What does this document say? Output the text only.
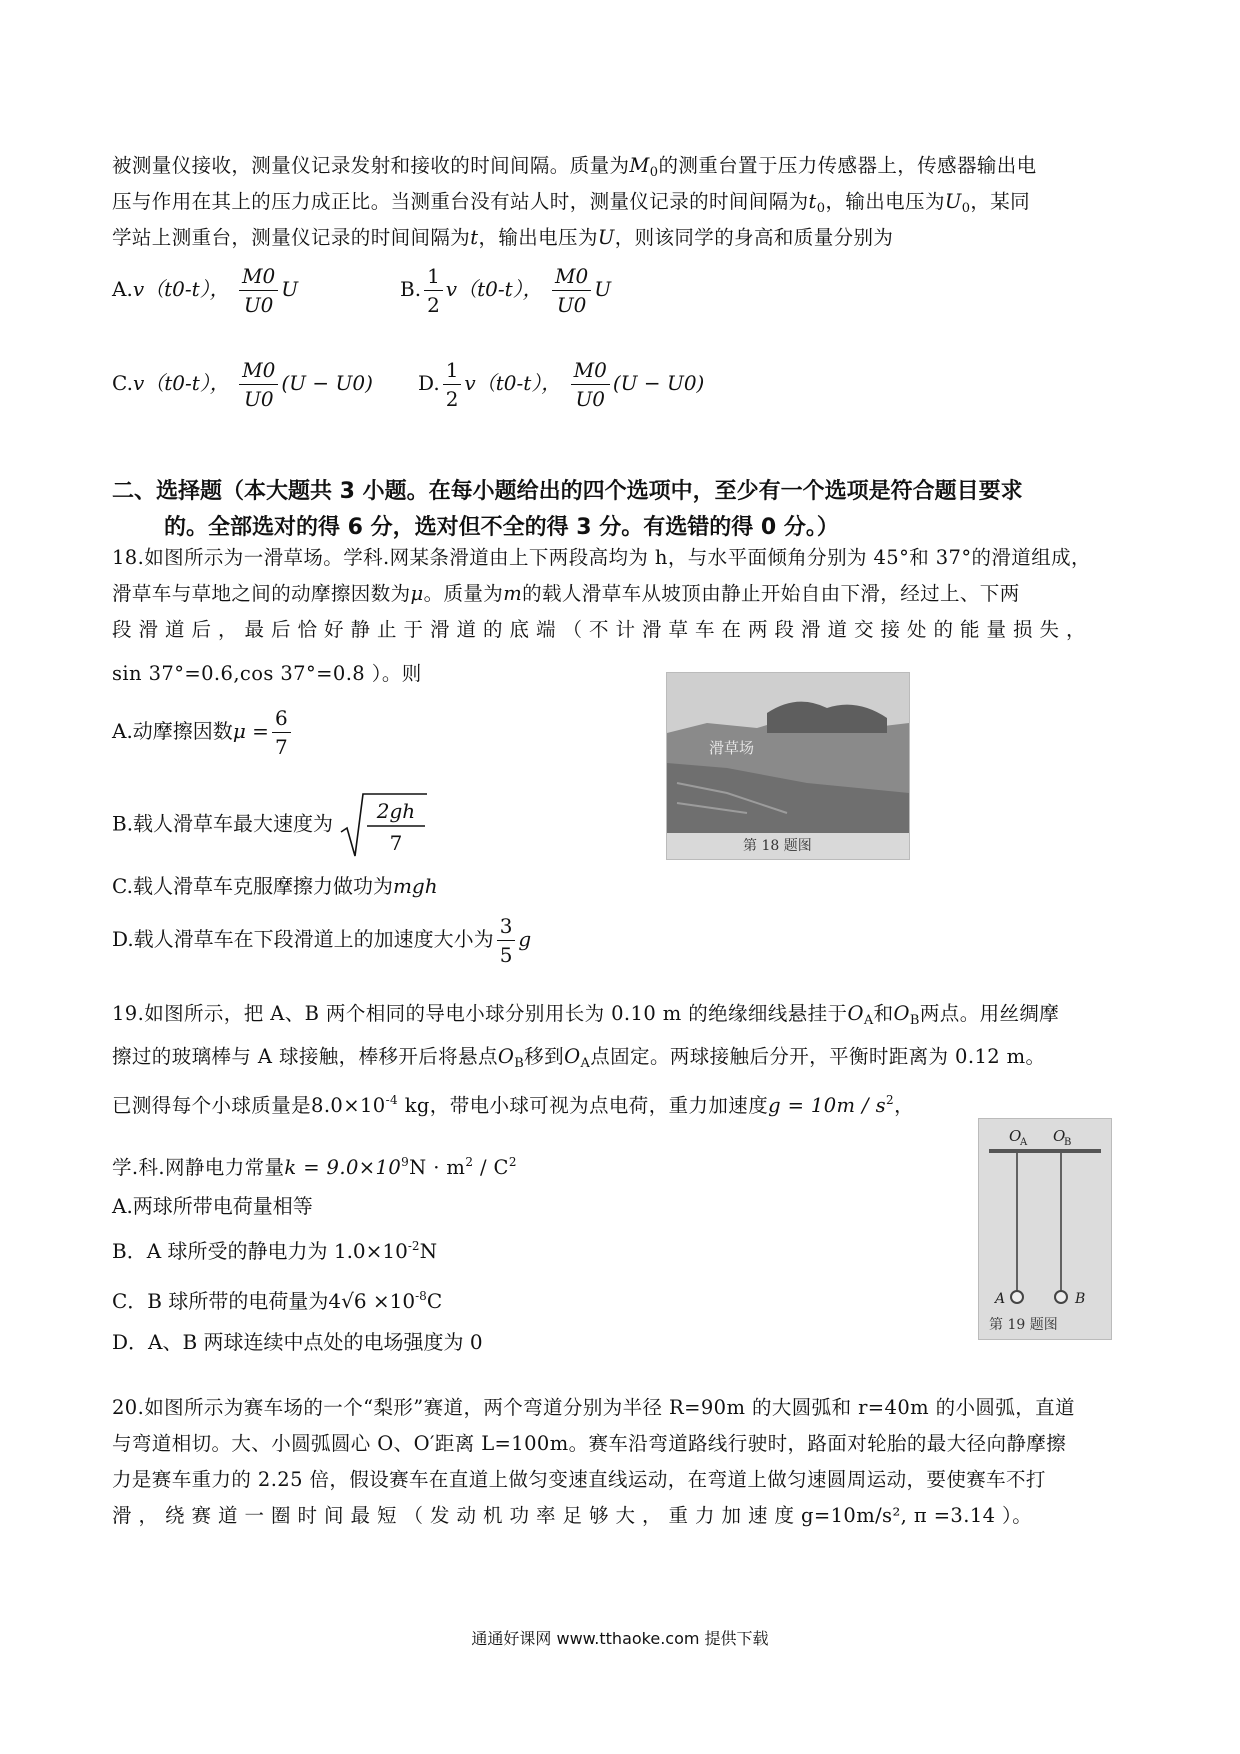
被测量仪接收，测量仪记录发射和接收的时间间隔。质量为$M_0$的测重台置于压力传感器上，传感器输出电
压与作用在其上的压力成正比。当测重台没有站人时，测量仪记录的时间间隔为$t_0$，输出电压为$U_0$，某同
学站上测重台，测量仪记录的时间间隔为t，输出电压为U，则该同学的身高和质量分别为
A.v（t0-t）， $\frac{M0}{U0}$ U	B. $\frac{1}{2} v(t0-t)$， $\frac{M0}{U0}$ U
C.v（t0-t）， $\frac{M0}{U0} (U - U0)$ D. $\frac{1}{2} v(t0-t)$， $\frac{M0}{U0} (U - U0)$
二、选择题（本大题共 3 小题。在每小题给出的四个选项中，至少有一个选项是符合题目要求
的。全部选对的得 6 分，选对但不全的得 3 分。有选错的得 0 分。）
18.如图所示为一滑草场。学科.网某条滑道由上下两段高均为 h，与水平面倾角分别为 45°和 37°的滑道组成，
滑草车与草地之间的动摩擦因数为μ。质量为m的载人滑草车从坡顶由静止开始自由下滑，经过上、下两
段 滑 道 后 ， 最 后 恰 好 静 止 于 滑 道 的 底 端 （ 不 计 滑 草 车 在 两 段 滑 道 交 接 处 的 能 量 损 失 ，
sin 37°=0.6,cos 37°=0.8 ）。则
A.动摩擦因数$\mu = \frac{6}{7}$
B.载人滑草车最大速度为
2gh
7
C.载人滑草车克服摩擦力做功为mgh
D.载人滑草车在下段滑道上的加速度大小为 $\frac{3}{5}$ g
滑草场
第 18 题图
19.如图所示，把 A、B 两个相同的导电小球分别用长为 0.10 m 的绝缘细线悬挂于$O_A$和$O_B$两点。用丝绸摩
擦过的玻璃棒与 A 球接触，棒移开后将悬点$O_B$移到$O_A$点固定。两球接触后分开，平衡时距离为 0.12 m。
已测得每个小球质量是$8.0\times 10^{-4}$ kg，带电小球可视为点电荷，重力加速度$g = 10m / s^2$，
学.科.网静电力常量$k = 9.0\times 10^9N \cdot m^2 / C^2$
A.两球所带电荷量相等
B．A 球所受的静电力为 $1.0\times 10^{-2}N$
C．B 球所带的电荷量为$4√6 \times 10^{-8}C$
D．A、B 两球连续中点处的电场强度为 0
O
A O
B
A	B
第 19 题图
20.如图所示为赛车场的一个“梨形”赛道，两个弯道分别为半径 R=90m 的大圆弧和 r=40m 的小圆弧，直道
与弯道相切。大、小圆弧圆心 O、O′距离 L=100m。赛车沿弯道路线行驶时，路面对轮胎的最大径向静摩擦
力是赛车重力的 2.25 倍，假设赛车在直道上做匀变速直线运动，在弯道上做匀速圆周运动，要使赛车不打
滑 ， 绕 赛 道 一 圈 时 间 最 短 （ 发 动 机 功 率 足 够 大 ， 重 力 加 速 度 g=10m/s², π =3.14 ）。
通通好课网 www.tthaoke.com 提供下载
